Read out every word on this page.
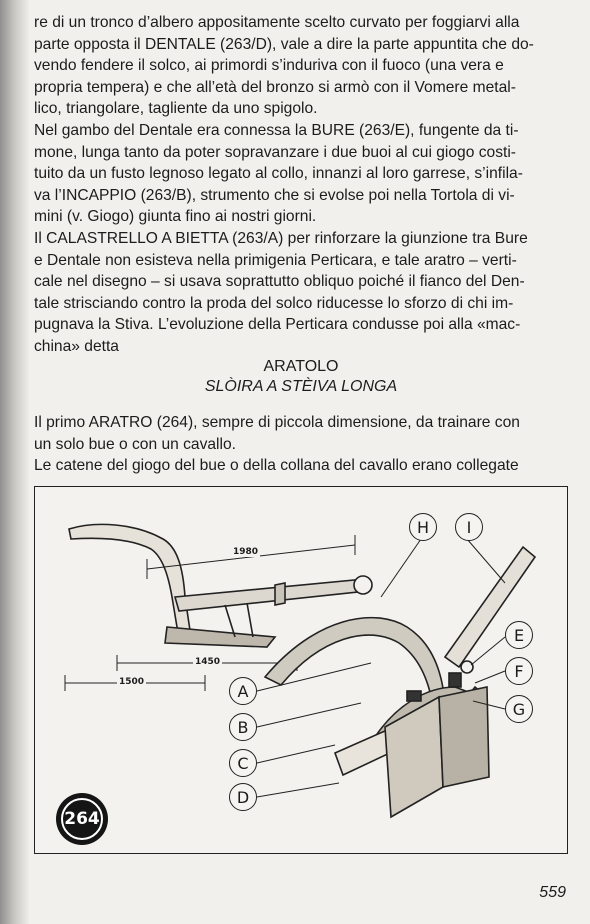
re di un tronco d’albero appositamente scelto curvato per foggiarvi alla

parte opposta il DENTALE (263/D), vale a dire la parte appuntita che do-

vendo fendere il solco, ai primordi s’induriva con il fuoco (una vera e

propria tempera) e che all’età del bronzo si armò con il Vomere metal-

lico, triangolare, tagliente da uno spigolo.

Nel gambo del Dentale era connessa la BURE (263/E), fungente da ti-

mone, lunga tanto da poter sopravanzare i due buoi al cui giogo costi-

tuito da un fusto legnoso legato al collo, innanzi al loro garrese, s’infila-

va l’INCAPPIO (263/B), strumento che si evolse poi nella Tortola di vi-

mini (v. Giogo) giunta fino ai nostri giorni.

Il CALASTRELLO A BIETTA (263/A) per rinforzare la giunzione tra Bure

e Dentale non esisteva nella primigenia Perticara, e tale aratro – verti-

cale nel disegno – si usava soprattutto obliquo poiché il fianco del Den-

tale strisciando contro la proda del solco riducesse lo sforzo di chi im-

pugnava la Stiva. L’evoluzione della Perticara condusse poi alla «mac-

china» detta

ARATOLO
SLÒIRA A STÈIVA LONGA

Il primo ARATRO (264), sempre di piccola dimensione, da trainare con

un solo bue o con un cavallo.

Le catene del giogo del bue o della collana del cavallo erano collegate

1980
1450
1500	A
B
C
D
E
F
G
H	I
264
559
